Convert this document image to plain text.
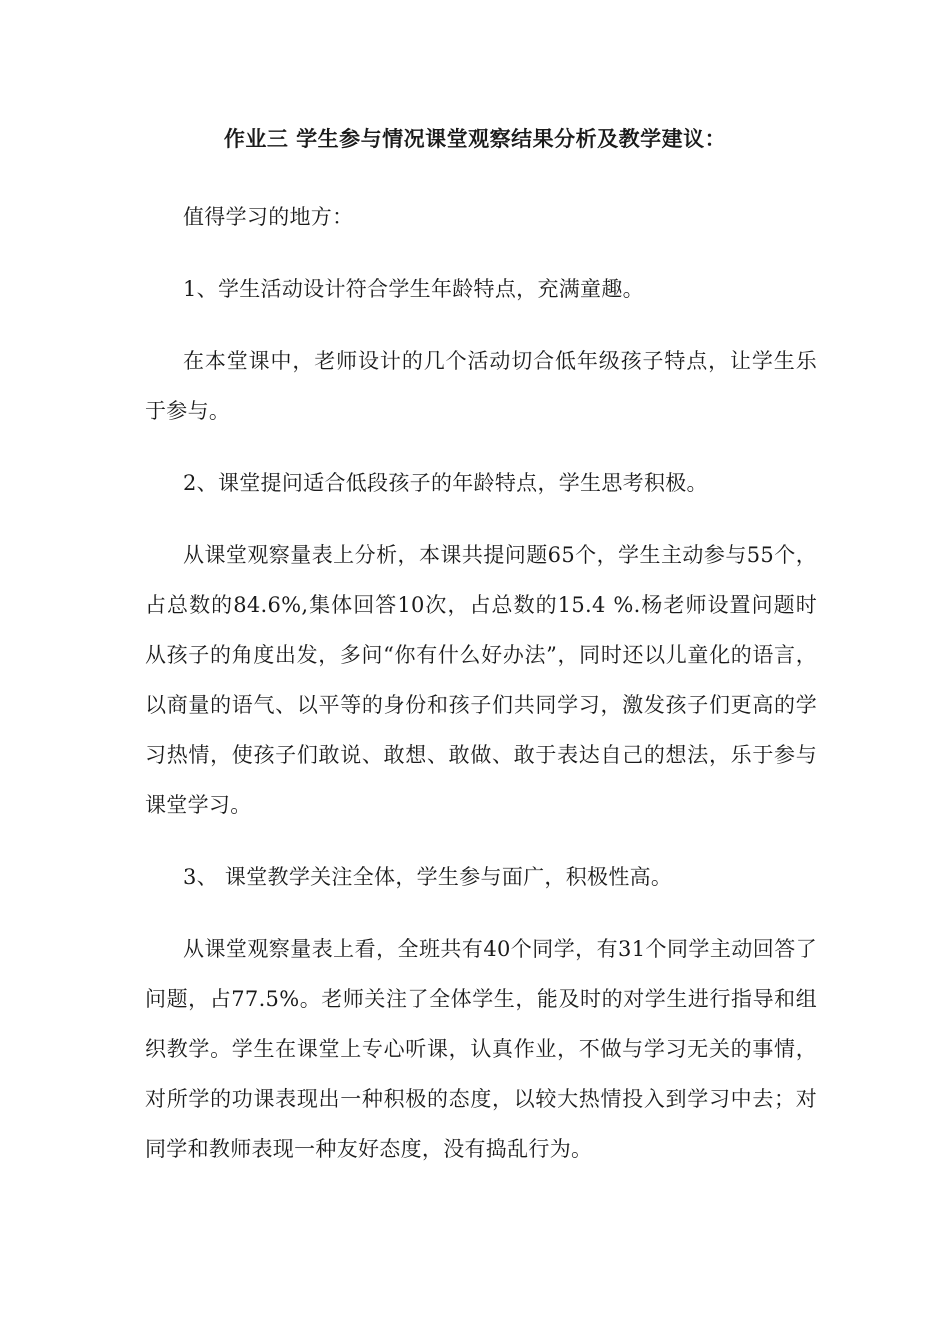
作业三 学生参与情况课堂观察结果分析及教学建议：

值得学习的地方：

1、学生活动设计符合学生年龄特点，充满童趣。

在本堂课中，老师设计的几个活动切合低年级孩子特点，让学生乐于参与。

2、课堂提问适合低段孩子的年龄特点，学生思考积极。

从课堂观察量表上分析，本课共提问题65个，学生主动参与55个，占总数的84.6%,集体回答10次，占总数的15.4 %.杨老师设置问题时从孩子的角度出发，多问“你有什么好办法”，同时还以儿童化的语言，以商量的语气、以平等的身份和孩子们共同学习，激发孩子们更高的学习热情，使孩子们敢说、敢想、敢做、敢于表达自己的想法，乐于参与课堂学习。

3、 课堂教学关注全体，学生参与面广，积极性高。

从课堂观察量表上看，全班共有40个同学，有31个同学主动回答了问题，占77.5%。老师关注了全体学生，能及时的对学生进行指导和组织教学。学生在课堂上专心听课，认真作业，不做与学习无关的事情，对所学的功课表现出一种积极的态度，以较大热情投入到学习中去；对同学和教师表现一种友好态度，没有捣乱行为。
